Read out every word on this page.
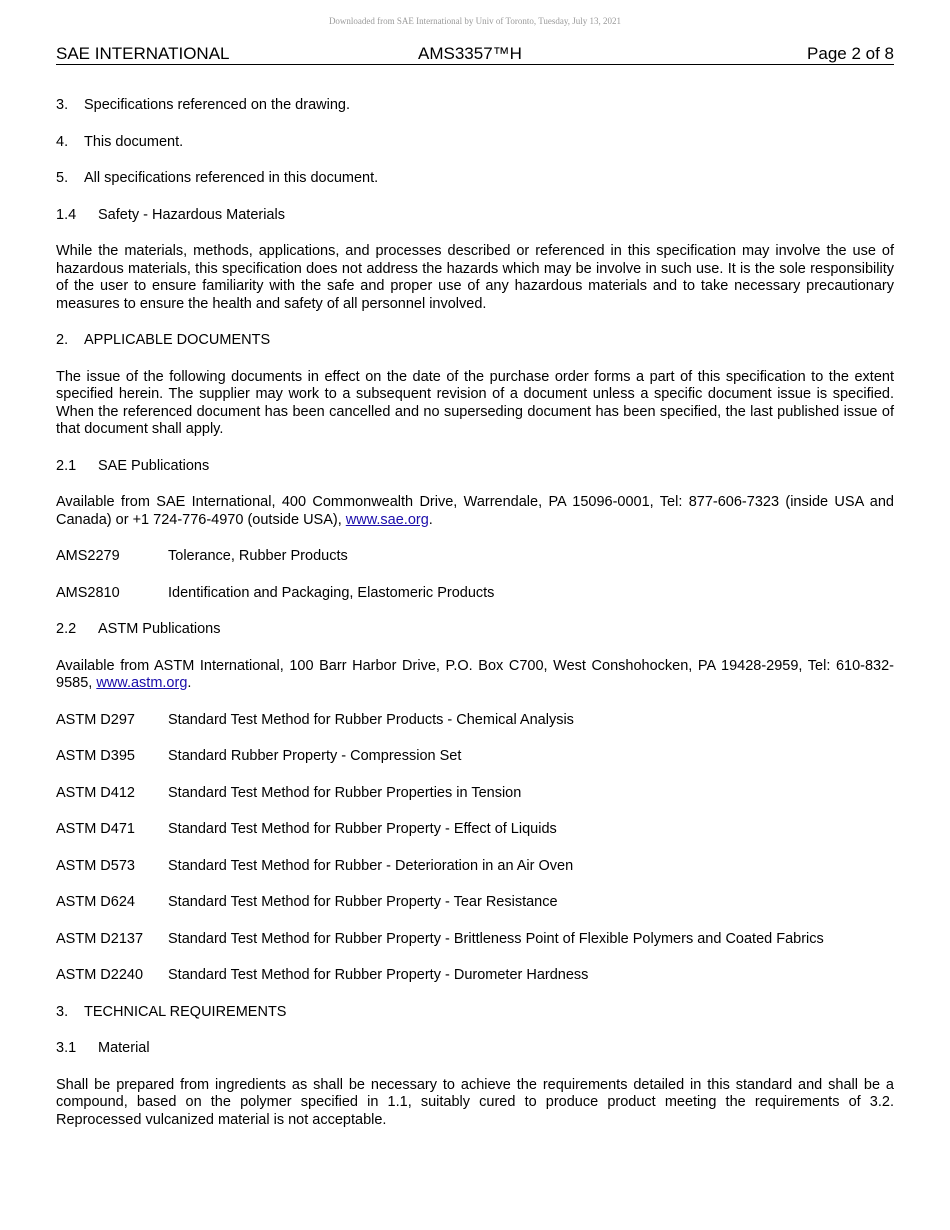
Downloaded from SAE International by Univ of Toronto, Tuesday, July 13, 2021
SAE INTERNATIONAL	AMS3357™H	Page 2 of 8
3. Specifications referenced on the drawing.
4. This document.
5. All specifications referenced in this document.
1.4 Safety - Hazardous Materials

While the materials, methods, applications, and processes described or referenced in this specification may involve the use of hazardous materials, this specification does not address the hazards which may be involve in such use. It is the sole responsibility of the user to ensure familiarity with the safe and proper use of any hazardous materials and to take necessary precautionary measures to ensure the health and safety of all personnel involved.

2. APPLICABLE DOCUMENTS

The issue of the following documents in effect on the date of the purchase order forms a part of this specification to the extent specified herein. The supplier may work to a subsequent revision of a document unless a specific document issue is specified. When the referenced document has been cancelled and no superseding document has been specified, the last published issue of that document shall apply.

2.1 SAE Publications

Available from SAE International, 400 Commonwealth Drive, Warrendale, PA 15096-0001, Tel: 877-606-7323 (inside USA and Canada) or +1 724-776-4970 (outside USA), www.sae.org.

AMS2279	Tolerance, Rubber Products
AMS2810	Identification and Packaging, Elastomeric Products
2.2 ASTM Publications

Available from ASTM International, 100 Barr Harbor Drive, P.O. Box C700, West Conshohocken, PA 19428-2959, Tel: 610-832-9585, www.astm.org.

ASTM D297	Standard Test Method for Rubber Products - Chemical Analysis
ASTM D395	Standard Rubber Property - Compression Set
ASTM D412	Standard Test Method for Rubber Properties in Tension
ASTM D471	Standard Test Method for Rubber Property - Effect of Liquids
ASTM D573	Standard Test Method for Rubber - Deterioration in an Air Oven
ASTM D624	Standard Test Method for Rubber Property - Tear Resistance
ASTM D2137	Standard Test Method for Rubber Property - Brittleness Point of Flexible Polymers and Coated Fabrics
ASTM D2240	Standard Test Method for Rubber Property - Durometer Hardness
3. TECHNICAL REQUIREMENTS
3.1 Material

Shall be prepared from ingredients as shall be necessary to achieve the requirements detailed in this standard and shall be a compound, based on the polymer specified in 1.1, suitably cured to produce product meeting the requirements of 3.2. Reprocessed vulcanized material is not acceptable.
